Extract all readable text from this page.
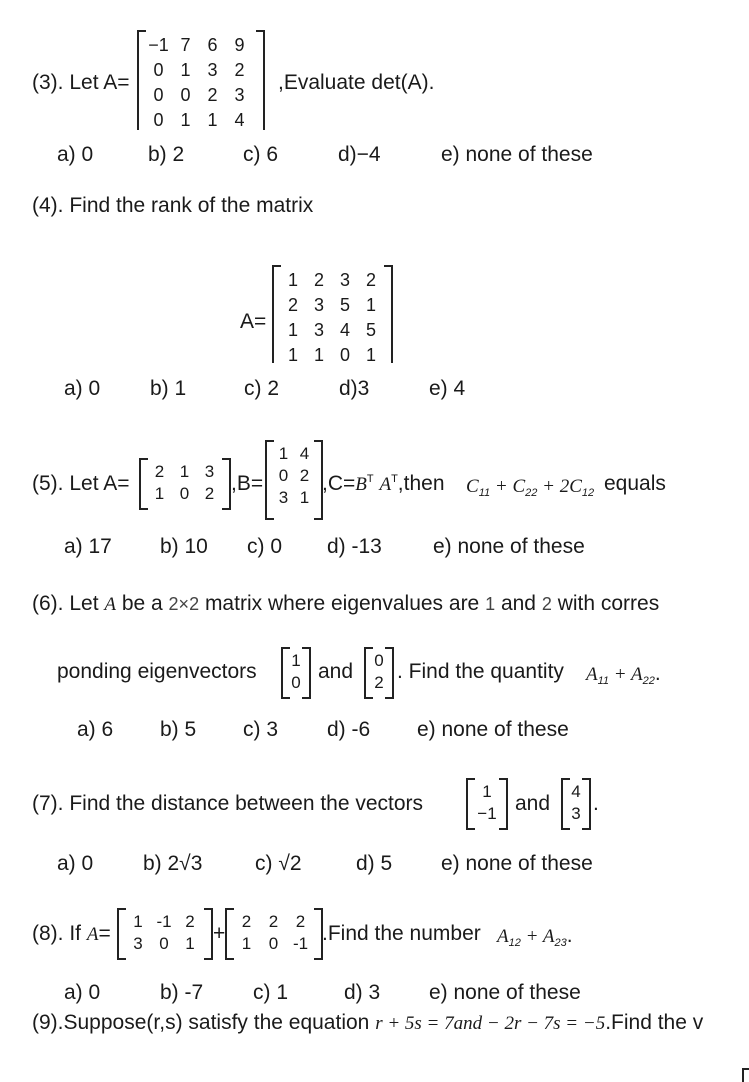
(3). Let A=
−1 7 6 9
0 1 3 2
0 0 2 3
0 1 1 4
,Evaluate det(A).
a) 0	b) 2	c) 6	d)−4	e) none of these
(4). Find the rank of the matrix
A=
1 2 3 2
2 3 5 1
1 3 4 5
1 1 0 1
a) 0 b) 1	c) 2	d)3	e) 4
(5). Let A=
2 1 3
1 0 2 ,B=
1 4
0 2
3 1
$,C=B^T$ $A^T,then$ $C_{11} + C_{22} + 2C_{12}$ equals
a) 17 b) 10 c) 0 d) -13 e) none of these
(6). Let A be a 2×2 matrix where eigenvalues are 1 and 2 with corres
ponding eigenvectors 1
0 and 0
2 . Find the quantity $A_{11} + A_{22}$.
a) 6 b) 5 c) 3 d) -6 e) none of these
(7). Find the distance between the vectors
1
−1 and
4
3 .
a) 0 b) 2√3	c) √2	d) 5 e) none of these
(8). If A=
1 -1 2
3 0 1 +
2	2	2
1	0 -1 .Find the number $A_{12} + A_{23}$.
a) 0	b) -7 c) 1	d) 3 e) none of these
(9).Suppose(r,s) satisfy the equation r + 5s = 7and − 2r − 7s = −5.Find the v
